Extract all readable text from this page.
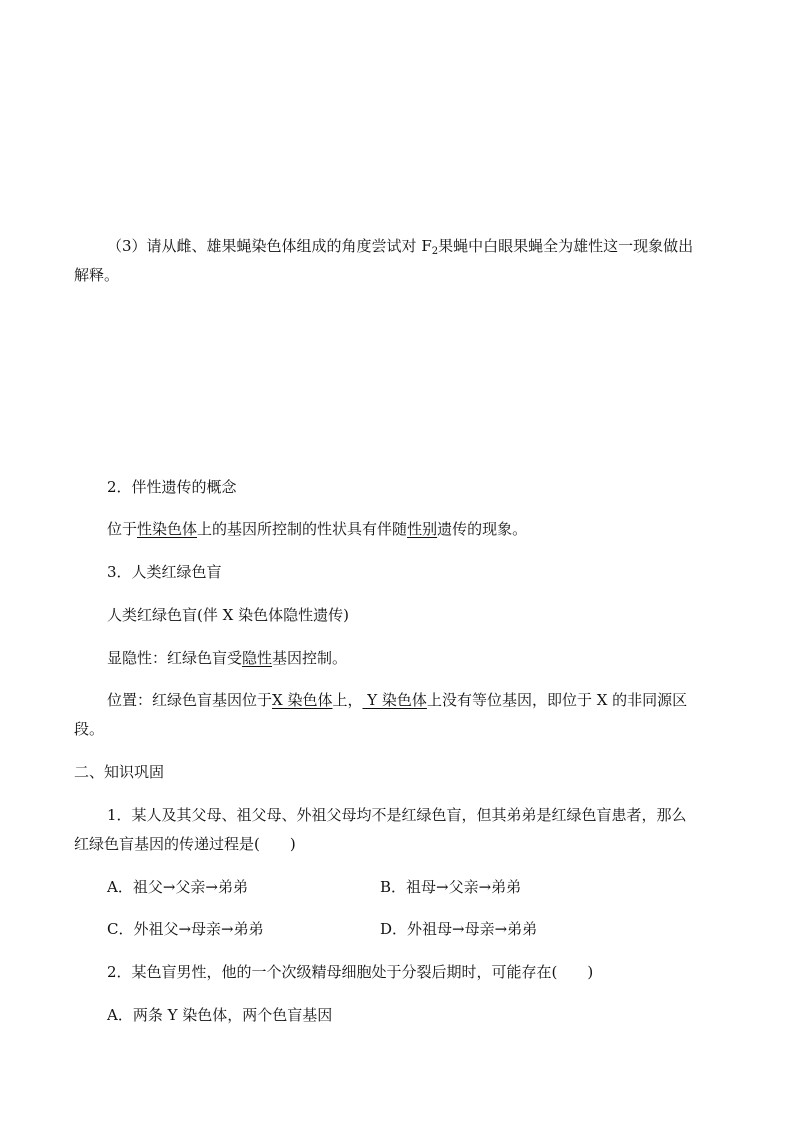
（3）请从雌、雄果蝇染色体组成的角度尝试对 $F_2$果蝇中白眼果蝇全为雄性这一现象做出
解释。
2．伴性遗传的概念
位于性染色体上的基因所控制的性状具有伴随性别遗传的现象。
3．人类红绿色盲
人类红绿色盲(伴 X 染色体隐性遗传)
显隐性：红绿色盲受隐性基因控制。
位置：红绿色盲基因位于X 染色体上， Y 染色体上没有等位基因，即位于 X 的非同源区
段。
二、知识巩固
1．某人及其父母、祖父母、外祖父母均不是红绿色盲，但其弟弟是红绿色盲患者，那么
红绿色盲基因的传递过程是(　　)
A．祖父→父亲→弟弟	B．祖母→父亲→弟弟
C．外祖父→母亲→弟弟	D．外祖母→母亲→弟弟
2．某色盲男性，他的一个次级精母细胞处于分裂后期时，可能存在(　　)
A．两条 Y 染色体，两个色盲基因
